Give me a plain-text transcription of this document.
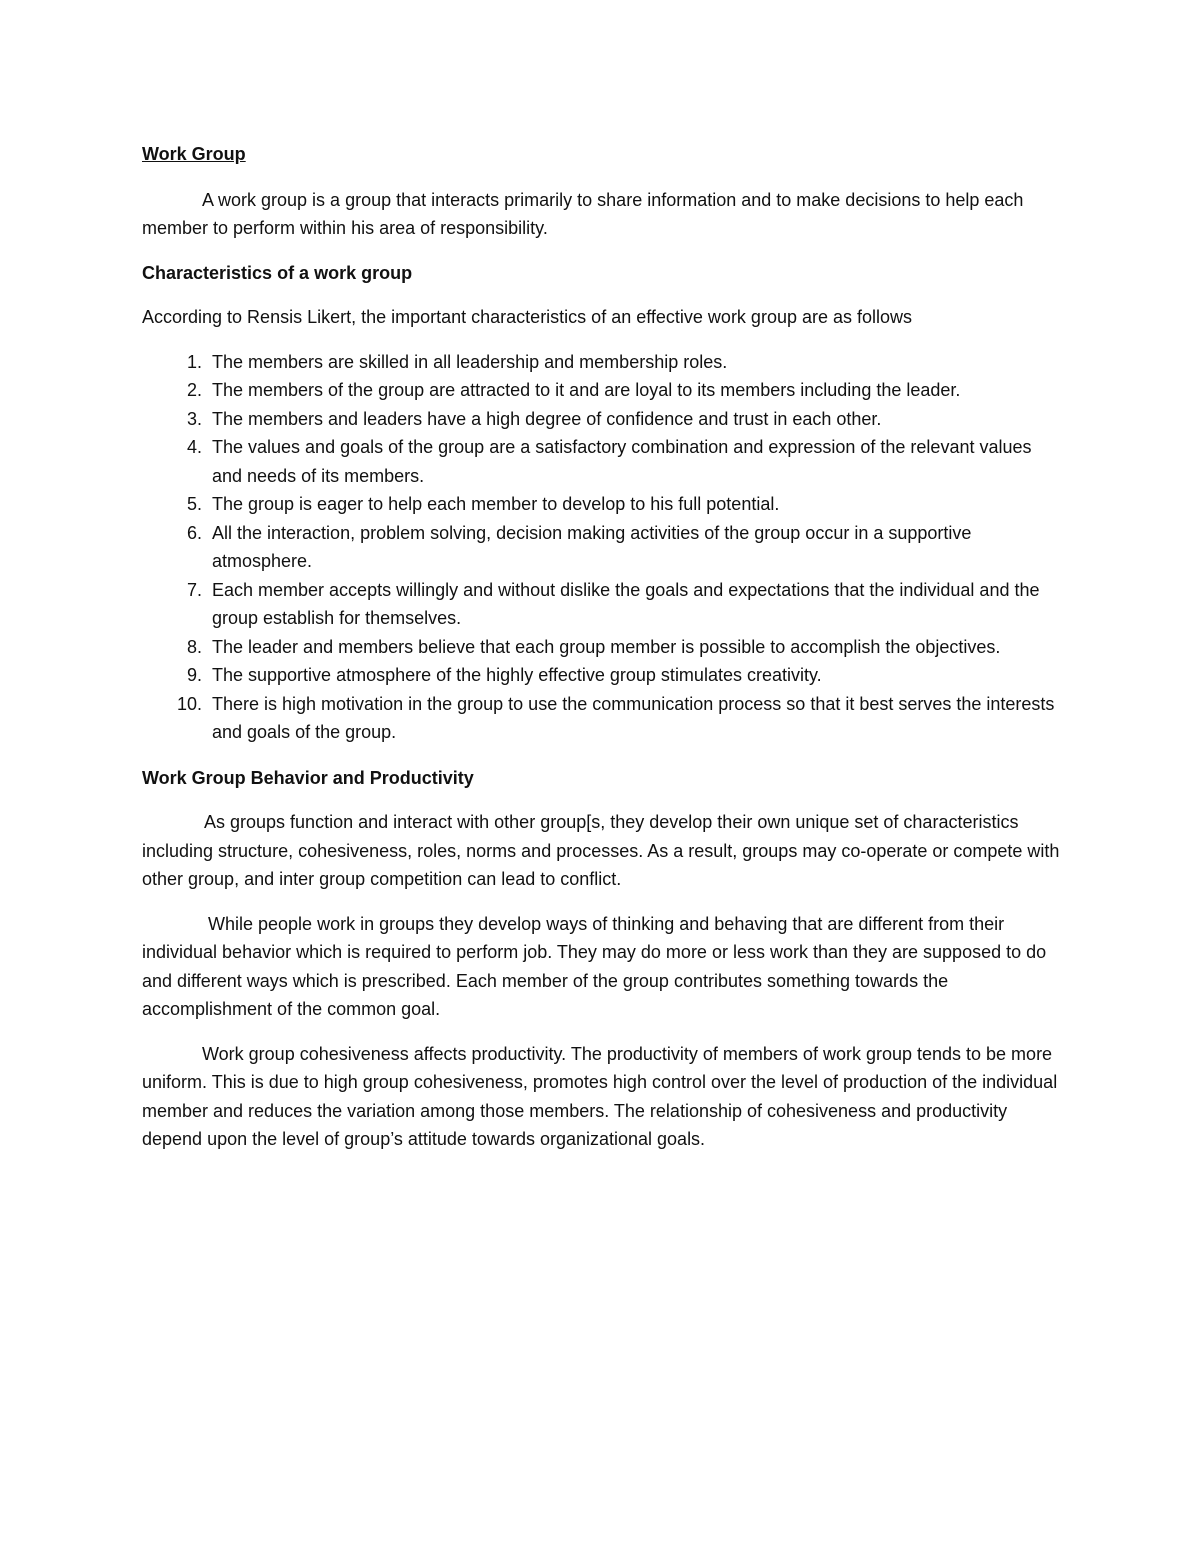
Work Group

A work group is a group that interacts primarily to share information and to make decisions to help each member to perform within his area of responsibility.

Characteristics of a work group

According to Rensis Likert, the important characteristics of an effective work group are as follows

1. The members are skilled in all leadership and membership roles.
2. The members of the group are attracted to it and are loyal to its members including the leader.
3. The members and leaders have a high degree of confidence and trust in each other.
4. The values and goals of the group are a satisfactory combination and expression of the relevant values and needs of its members.
5. The group is eager to help each member to develop to his full potential.
6. All the interaction, problem solving, decision making activities of the group occur in a supportive atmosphere.
7. Each member accepts willingly and without dislike the goals and expectations that the individual and the group establish for themselves.
8. The leader and members believe that each group member is possible to accomplish the objectives.
9. The supportive atmosphere of the highly effective group stimulates creativity.
10. There is high motivation in the group to use the communication process so that it best serves the interests and goals of the group.
Work Group Behavior and Productivity

As groups function and interact with other group[s, they develop their own unique set of characteristics including structure, cohesiveness, roles, norms and processes. As a result, groups may co-operate or compete with other group, and inter group competition can lead to conflict.

While people work in groups they develop ways of thinking and behaving that are different from their individual behavior which is required to perform job. They may do more or less work than they are supposed to do and different ways which is prescribed. Each member of the group contributes something towards the accomplishment of the common goal.

Work group cohesiveness affects productivity. The productivity of members of work group tends to be more uniform. This is due to high group cohesiveness, promotes high control over the level of production of the individual member and reduces the variation among those members. The relationship of cohesiveness and productivity depend upon the level of group’s attitude towards organizational goals.
